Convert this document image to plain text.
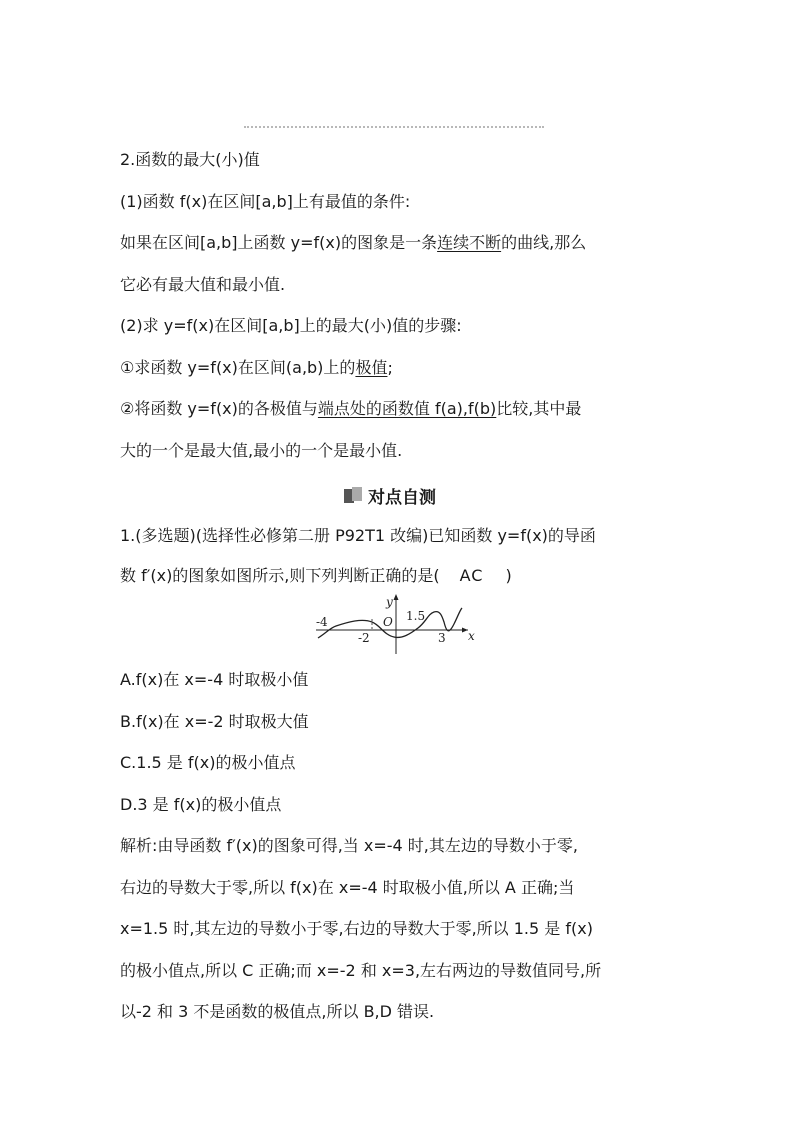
2.函数的最大(小)值
(1)函数 f(x)在区间[a,b]上有最值的条件:
如果在区间[a,b]上函数 y=f(x)的图象是一条连续不断的曲线,那么
它必有最大值和最小值.
(2)求 y=f(x)在区间[a,b]上的最大(小)值的步骤:
①求函数 y=f(x)在区间(a,b)上的极值;
②将函数 y=f(x)的各极值与端点处的函数值 f(a),f(b)比较,其中最
大的一个是最大值,最小的一个是最小值.
对点自测
1.(多选题)(选择性必修第二册 P92T1 改编)已知函数 y=f(x)的导函
数 f′(x)的图象如图所示,则下列判断正确的是( AC )
y
x
O
-4
-2
1.5
3
A.f(x)在 x=-4 时取极小值
B.f(x)在 x=-2 时取极大值
C.1.5 是 f(x)的极小值点
D.3 是 f(x)的极小值点
解析:由导函数 f′(x)的图象可得,当 x=-4 时,其左边的导数小于零,
右边的导数大于零,所以 f(x)在 x=-4 时取极小值,所以 A 正确;当
x=1.5 时,其左边的导数小于零,右边的导数大于零,所以 1.5 是 f(x)
的极小值点,所以 C 正确;而 x=-2 和 x=3,左右两边的导数值同号,所
以-2 和 3 不是函数的极值点,所以 B,D 错误.
